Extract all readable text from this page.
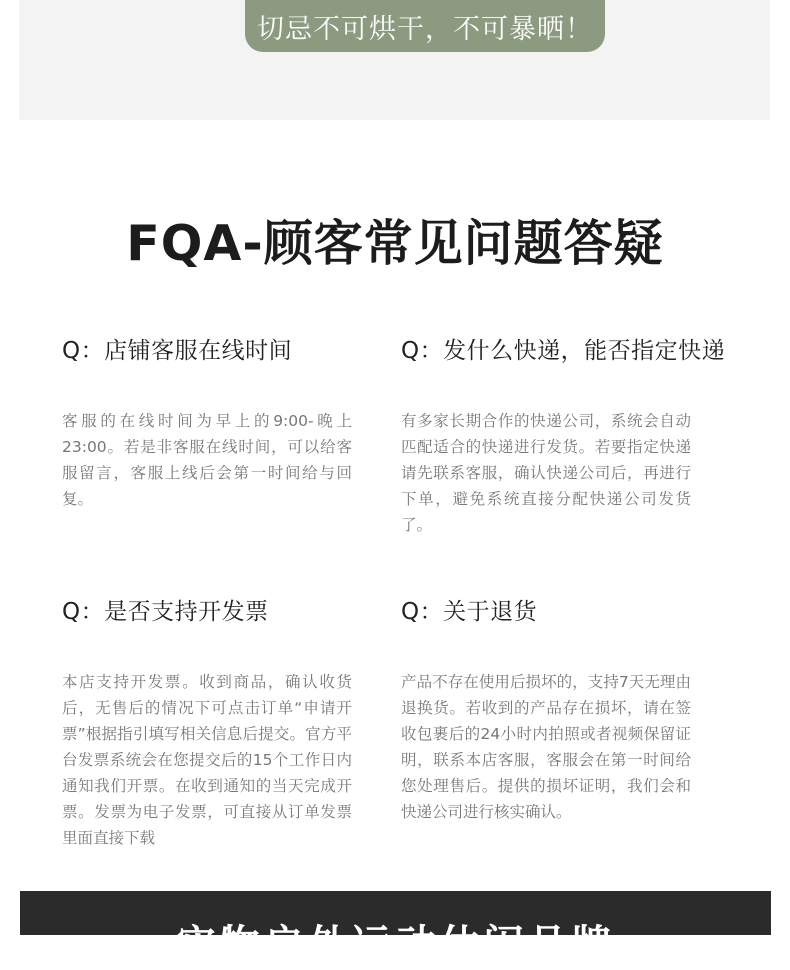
切忌不可烘干，不可暴晒！
FQA-顾客常见问题答疑
Q：店铺客服在线时间
客服的在线时间为早上的9:00-晚上23:00。若是非客服在线时间，可以给客服留言，客服上线后会第一时间给与回复。
Q：发什么快递，能否指定快递
有多家长期合作的快递公司，系统会自动匹配适合的快递进行发货。若要指定快递请先联系客服，确认快递公司后，再进行下单，避免系统直接分配快递公司发货了。
Q：是否支持开发票
本店支持开发票。收到商品，确认收货后，无售后的情况下可点击订单“申请开票”根据指引填写相关信息后提交。官方平台发票系统会在您提交后的15个工作日内通知我们开票。在收到通知的当天完成开票。发票为电子发票，可直接从订单发票里面直接下载
Q：关于退货
产品不存在使用后损坏的，支持7天无理由退换货。若收到的产品存在损坏，请在签收包裹后的24小时内拍照或者视频保留证明，联系本店客服，客服会在第一时间给您处理售后。提供的损坏证明，我们会和快递公司进行核实确认。
实物户外运动休闲品牌
